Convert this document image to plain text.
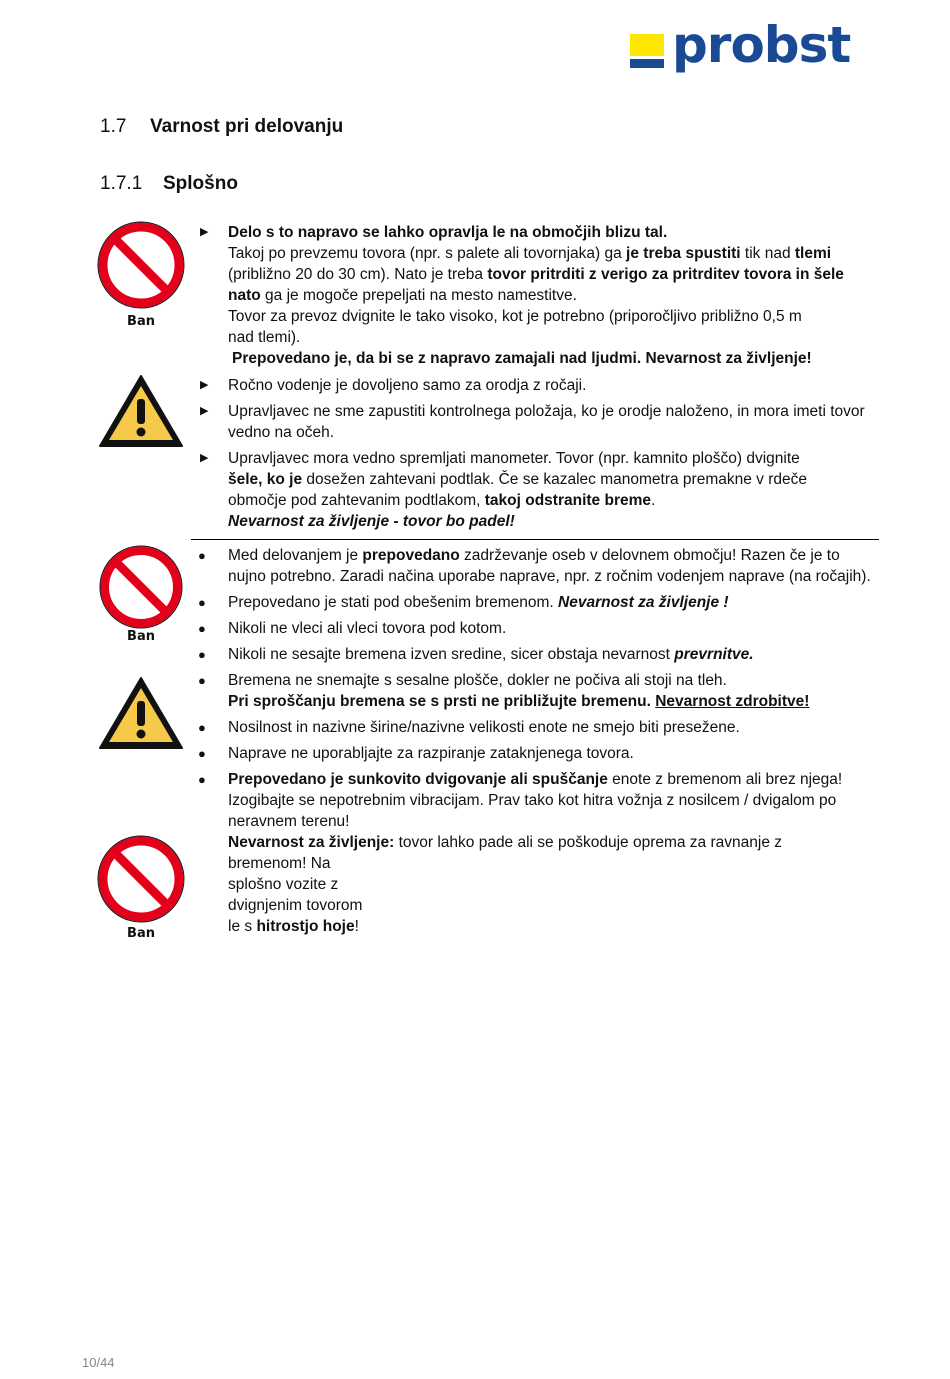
probst
1.7 Varnost pri delovanju
1.7.1 Splošno
Ban
Ban
Ban
▶ Delo s to napravo se lahko opravlja le na območjih blizu tal.
Takoj po prevzemu tovora (npr. s palete ali tovornjaka) ga je treba spustiti tik nad tlemi
(približno 20 do 30 cm). Nato je treba tovor pritrditi z verigo za pritrditev tovora in šele
nato ga je mogoče prepeljati na mesto namestitve.
Tovor za prevoz dvignite le tako visoko, kot je potrebno (priporočljivo približno 0,5 m
nad tlemi).
Prepovedano je, da bi se z napravo zamajali nad ljudmi. Nevarnost za življenje!
▶ Ročno vodenje je dovoljeno samo za orodja z ročaji.
▶ Upravljavec ne sme zapustiti kontrolnega položaja, ko je orodje naloženo, in mora imeti tovor vedno na očeh.
▶ Upravljavec mora vedno spremljati manometer. Tovor (npr. kamnito ploščo) dvignite
šele, ko je dosežen zahtevani podtlak. Če se kazalec manometra premakne v rdeče
območje pod zahtevanim podtlakom, takoj odstranite breme.
Nevarnost za življenje - tovor bo padel!
● Med delovanjem je prepovedano zadrževanje oseb v delovnem območju! Razen če je to nujno potrebno. Zaradi načina uporabe naprave, npr. z ročnim vodenjem naprave (na ročajih).
● Prepovedano je stati pod obešenim bremenom. Nevarnost za življenje !
● Nikoli ne vleci ali vleci tovora pod kotom.
● Nikoli ne sesajte bremena izven sredine, sicer obstaja nevarnost prevrnitve.
● Bremena ne snemajte s sesalne plošče, dokler ne počiva ali stoji na tleh.
Pri sproščanju bremena se s prsti ne približujte bremenu. Nevarnost zdrobitve!
● Nosilnost in nazivne širine/nazivne velikosti enote ne smejo biti presežene.
● Naprave ne uporabljajte za razpiranje zataknjenega tovora.
● Prepovedano je sunkovito dvigovanje ali spuščanje enote z bremenom ali brez njega!
Izogibajte se nepotrebnim vibracijam. Prav tako kot hitra vožnja z nosilcem / dvigalom po neravnem terenu!
Nevarnost za življenje: tovor lahko pade ali se poškoduje oprema za ravnanje z
bremenom! Na
splošno vozite z
dvignjenim tovorom
le s hitrostjo hoje!
10/44
